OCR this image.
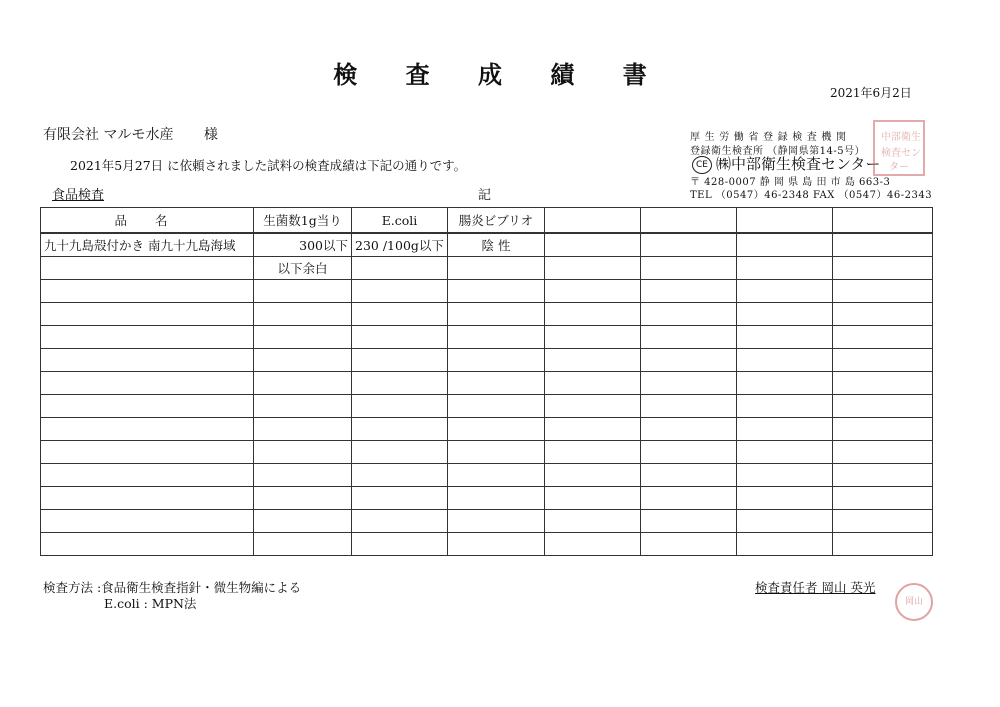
検 査 成 績 書
2021年6月2日
有限会社 マルモ水産 様
2021年5月27日 に依頼されました試料の検査成績は下記の通りです。
食品検査	記
厚生労働省登録検査機関
登録衛生検査所 （静岡県第14-5号）
CE ㈱中部衛生検査センター
〒 428-0007 静 岡 県 島 田 市 島 663-3
TEL （0547）46-2348 FAX （0547）46-2343
中部 衛生
検査 セン
ター
品 名	生菌数1g当り	E.coli	腸炎ビブリオ				
九十九島殻付かき 南九十九島海域	300以下	230 /100g以下	陰 性				
	以下余白						

検査方法 :食品衛生検査指針・微生物編による
E.coli : MPN法
検査責任者 岡山 英光
岡山
